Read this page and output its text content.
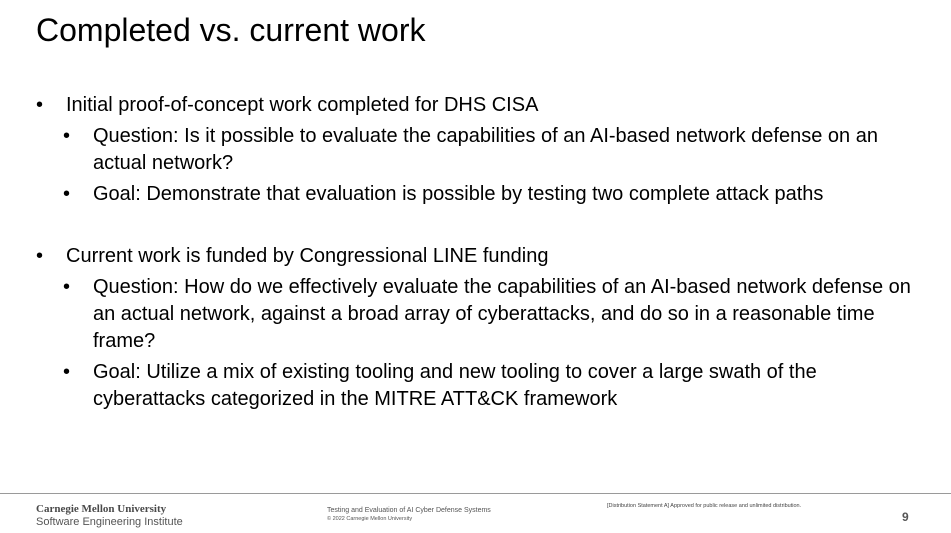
Completed vs. current work
•	Initial proof-of-concept work completed for DHS CISA
•	Question: Is it possible to evaluate the capabilities of an AI-based network defense on an actual network?
•	Goal: Demonstrate that evaluation is possible by testing two complete attack paths
•	Current work is funded by Congressional LINE funding
•	Question: How do we effectively evaluate the capabilities of an AI-based network defense on an actual network, against a broad array of cyberattacks, and do so in a reasonable time frame?
•	Goal: Utilize a mix of existing tooling and new tooling to cover a large swath of the cyberattacks categorized in the MITRE ATT&CK framework
Carnegie Mellon University
Software Engineering Institute
Testing and Evaluation of AI Cyber Defense Systems
© 2022 Carnegie Mellon University
[Distribution Statement A] Approved for public release and unlimited distribution.
9
